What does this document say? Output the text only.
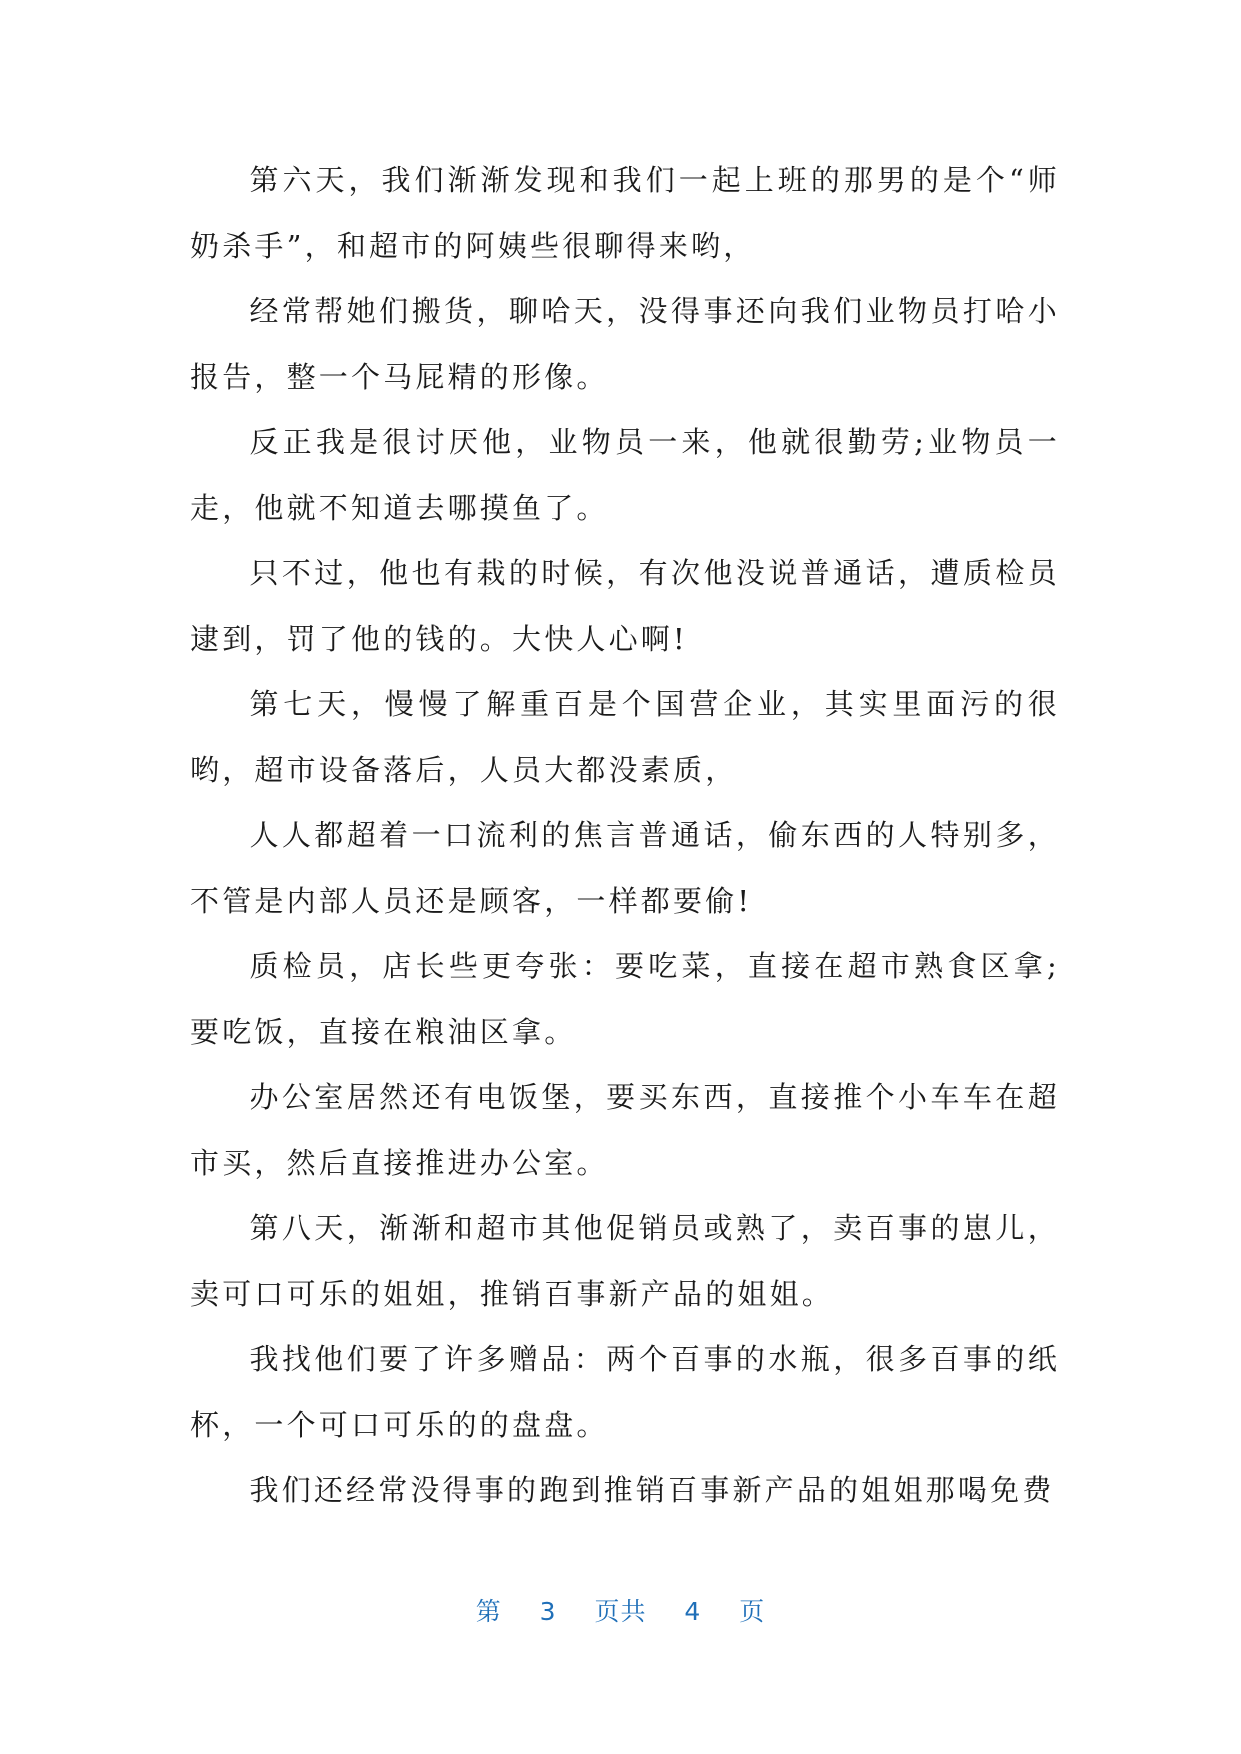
第六天，我们渐渐发现和我们一起上班的那男的是个“师奶杀手”，和超市的阿姨些很聊得来哟，

经常帮她们搬货，聊哈天，没得事还向我们业物员打哈小报告，整一个马屁精的形像。

反正我是很讨厌他，业物员一来，他就很勤劳;业物员一走，他就不知道去哪摸鱼了。

只不过，他也有栽的时候，有次他没说普通话，遭质检员逮到，罚了他的钱的。大快人心啊!

第七天，慢慢了解重百是个国营企业，其实里面污的很哟，超市设备落后，人员大都没素质，

人人都超着一口流利的焦言普通话，偷东西的人特别多，不管是内部人员还是顾客，一样都要偷!

质检员，店长些更夸张：要吃菜，直接在超市熟食区拿;要吃饭，直接在粮油区拿。

办公室居然还有电饭堡，要买东西，直接推个小车车在超市买，然后直接推进办公室。

第八天，渐渐和超市其他促销员或熟了，卖百事的崽儿，卖可口可乐的姐姐，推销百事新产品的姐姐。

我找他们要了许多赠品：两个百事的水瓶，很多百事的纸杯，一个可口可乐的的盘盘。

我们还经常没得事的跑到推销百事新产品的姐姐那喝免费

第 3 页共 4 页
